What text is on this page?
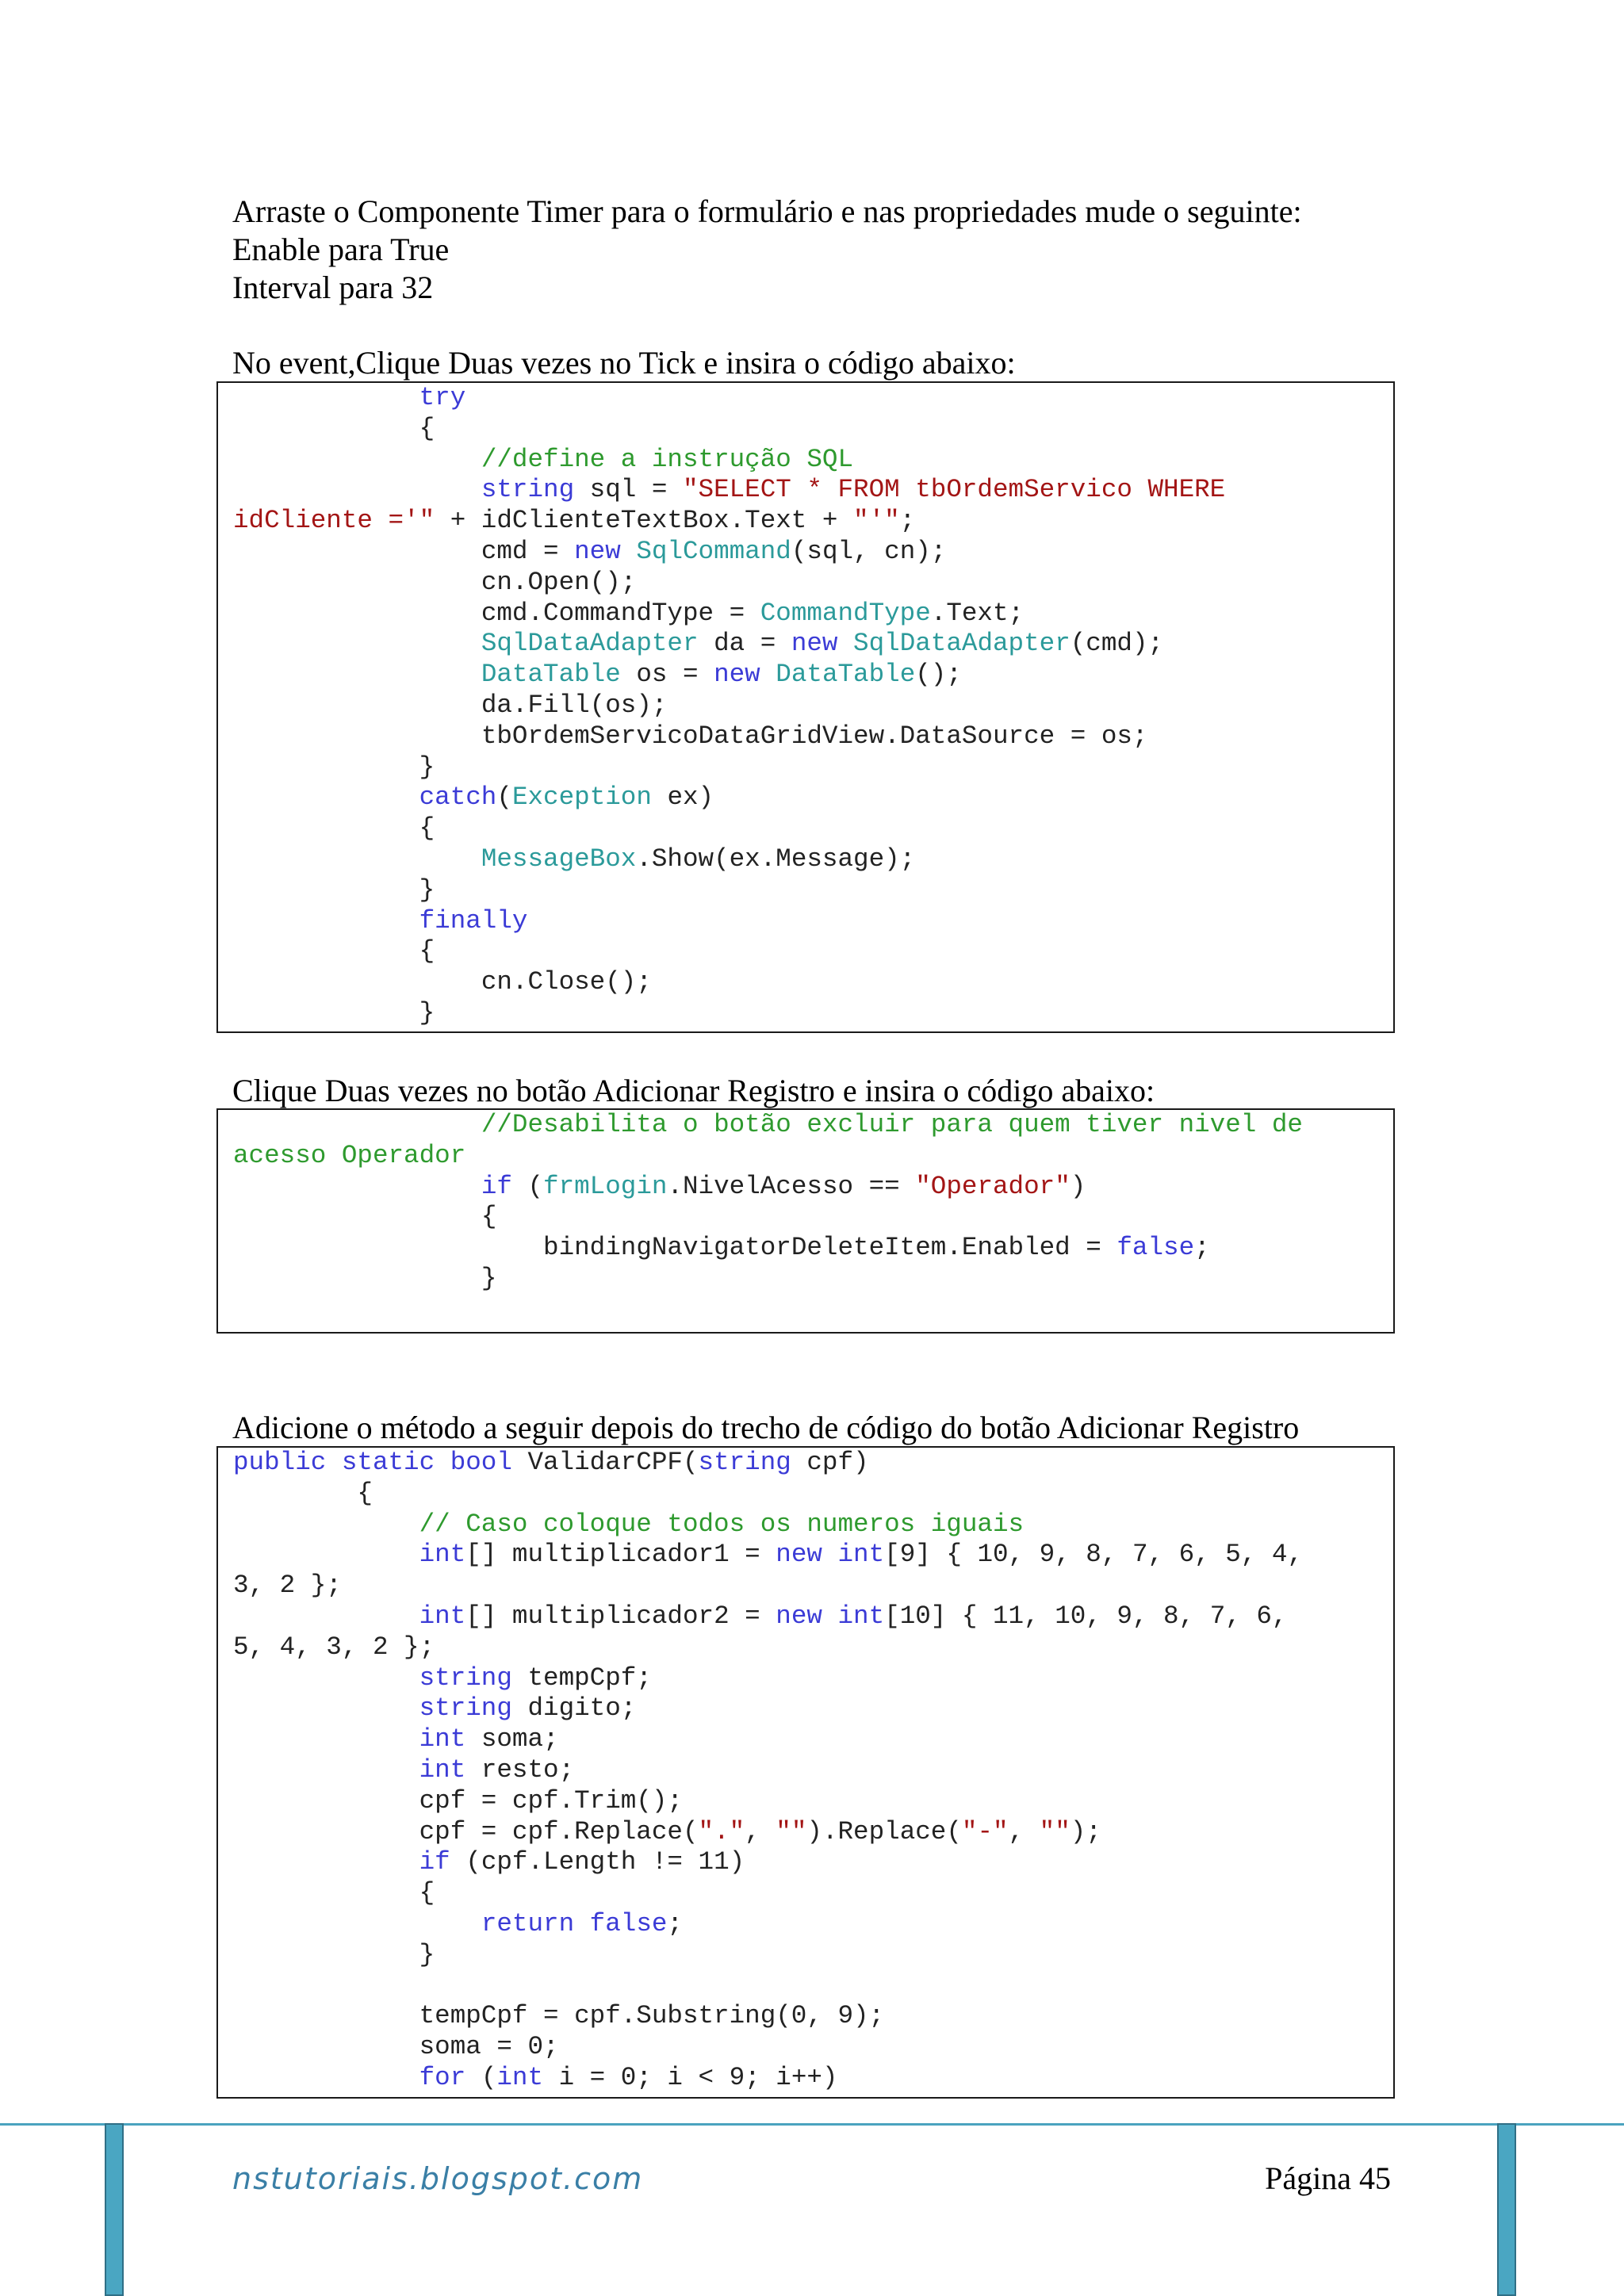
Arraste o Componente Timer para o formulário e nas propriedades mude o seguinte:

Enable para True

Interval para 32

No event,Clique Duas vezes no Tick e insira o código abaixo:

try
{
//define a instrução SQL
string sql = "SELECT * FROM tbOrdemServico WHERE
idCliente ='" + idClienteTextBox.Text + "'";
cmd = new SqlCommand(sql, cn);
cn.Open();
cmd.CommandType = CommandType.Text;
SqlDataAdapter da = new SqlDataAdapter(cmd);
DataTable os = new DataTable();
da.Fill(os);
tbOrdemServicoDataGridView.DataSource = os;
}
catch(Exception ex)
{
MessageBox.Show(ex.Message);
}
finally
{
cn.Close();
}

Clique Duas vezes no botão Adicionar Registro e insira o código abaixo:

//Desabilita o botão excluir para quem tiver nivel de
acesso Operador
if (frmLogin.NivelAcesso == "Operador")
{
bindingNavigatorDeleteItem.Enabled = false;
}

Adicione o método a seguir depois do trecho de código do botão Adicionar Registro

public static bool ValidarCPF(string cpf)
{
// Caso coloque todos os numeros iguais
int[] multiplicador1 = new int[9] { 10, 9, 8, 7, 6, 5, 4,
3, 2 };
int[] multiplicador2 = new int[10] { 11, 10, 9, 8, 7, 6,
5, 4, 3, 2 };
string tempCpf;
string digito;
int soma;
int resto;
cpf = cpf.Trim();
cpf = cpf.Replace(".", "").Replace("-", "");
if (cpf.Length != 11)
{
return false;
}

tempCpf = cpf.Substring(0, 9);
soma = 0;
for (int i = 0; i < 9; i++)
nstutoriais.blogspot.com	Página 45
